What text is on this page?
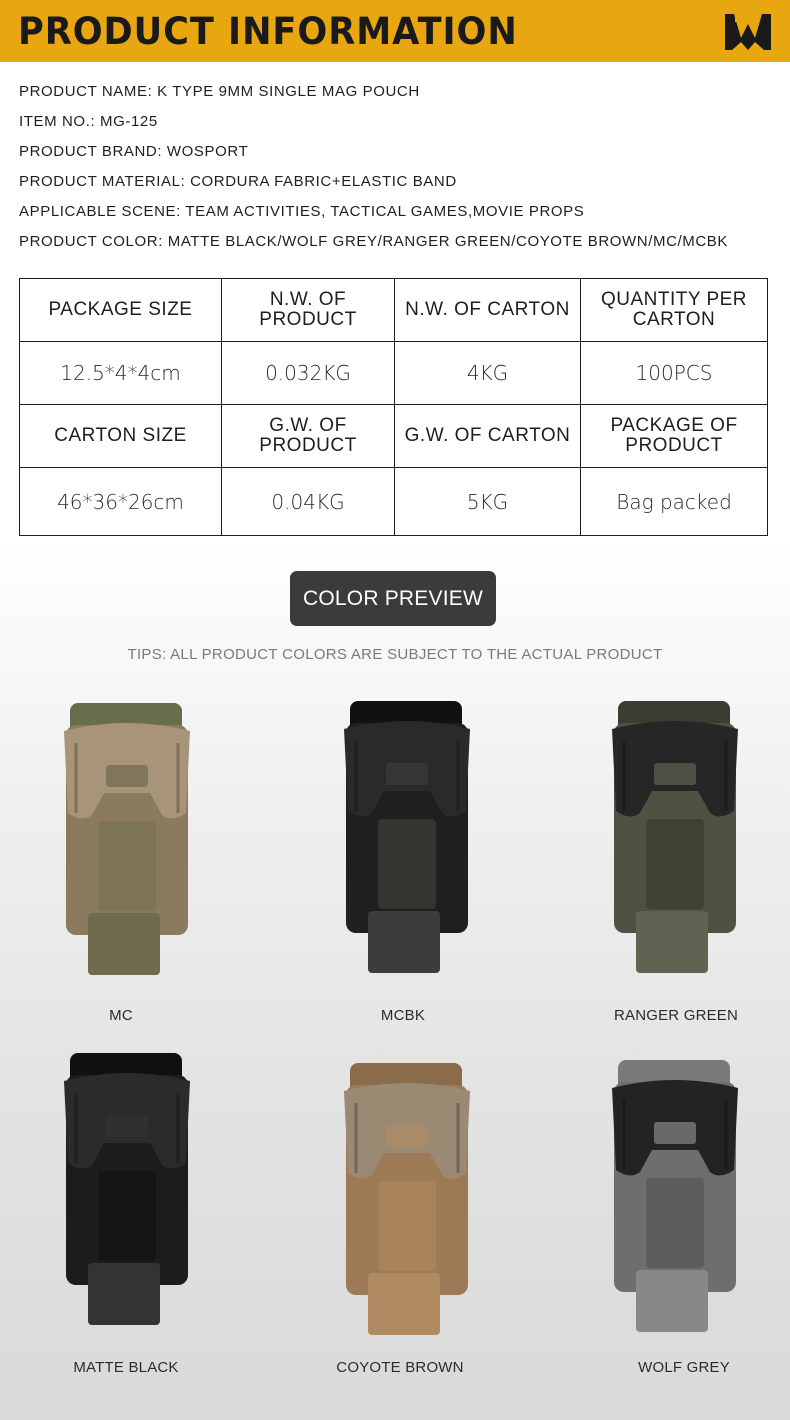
PRODUCT INFORMATION
PRODUCT NAME: K TYPE 9MM SINGLE MAG POUCH
ITEM NO.: MG-125
PRODUCT BRAND: WOSPORT
PRODUCT MATERIAL: CORDURA FABRIC+ELASTIC BAND
APPLICABLE SCENE: TEAM ACTIVITIES, TACTICAL GAMES,MOVIE PROPS
PRODUCT COLOR: MATTE BLACK/WOLF GREY/RANGER GREEN/COYOTE BROWN/MC/MCBK
PACKAGE SIZE	N.W. OF PRODUCT	N.W. OF CARTON	QUANTITY PER CARTON
12.5*4*4cm	0.032KG	4KG	100PCS
CARTON SIZE	G.W. OF PRODUCT	G.W. OF CARTON	PACKAGE OF PRODUCT
46*36*26cm	0.04KG	5KG	Bag packed
COLOR PREVIEW
TIPS: ALL PRODUCT COLORS ARE SUBJECT TO THE ACTUAL PRODUCT
MC	MCBK	RANGER GREEN
MATTE BLACK	COYOTE BROWN	WOLF GREY
